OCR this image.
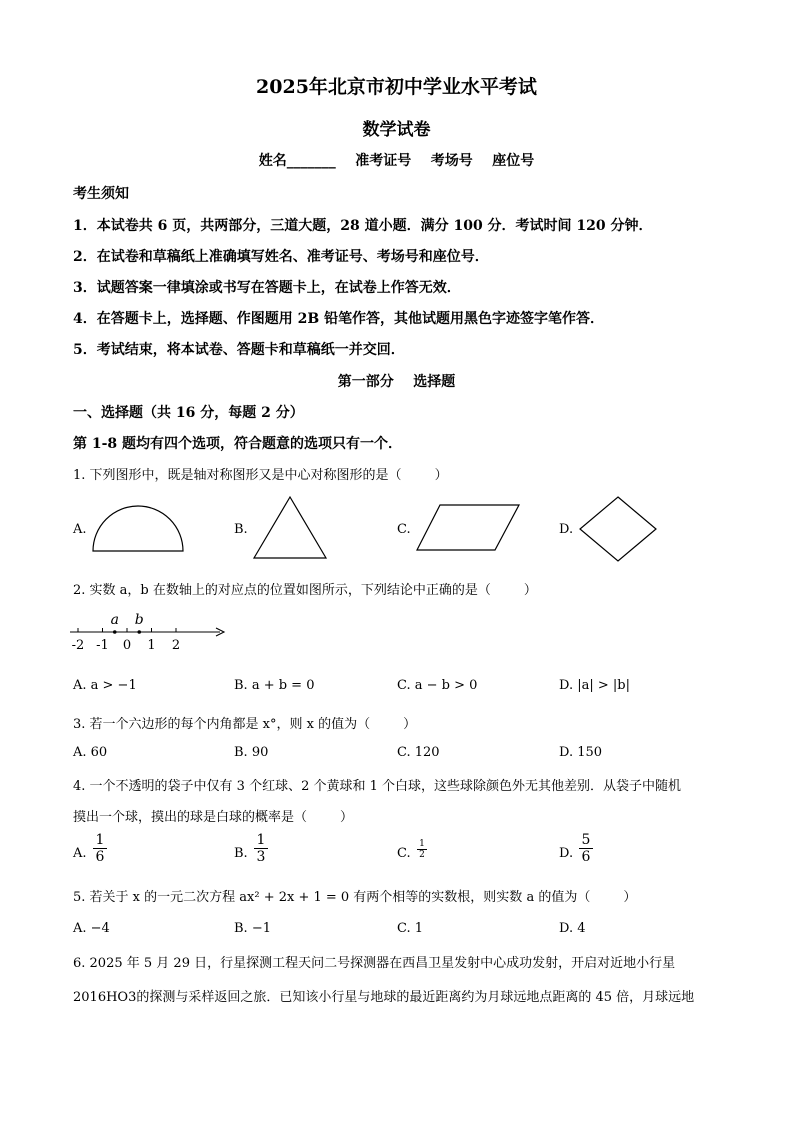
2025年北京市初中学业水平考试
数学试卷
姓名_______    准考证号    考场号    座位号
考生须知
1．本试卷共 6 页，共两部分，三道大题，28 道小题．满分 100 分．考试时间 120 分钟．
2．在试卷和草稿纸上准确填写姓名、准考证号、考场号和座位号．
3．试题答案一律填涂或书写在答题卡上，在试卷上作答无效．
4．在答题卡上，选择题、作图题用 2B 铅笔作答，其他试题用黑色字迹签字笔作答．
5．考试结束，将本试卷、答题卡和草稿纸一并交回．
第一部分    选择题
一、选择题（共 16 分，每题 2 分）
第 1-8 题均有四个选项，符合题意的选项只有一个．
1. 下列图形中，既是轴对称图形又是中心对称图形的是（        ）
A.	B.	C.	D.
2. 实数 a，b 在数轴上的对应点的位置如图所示，下列结论中正确的是（        ）
-2 -1 0 1 2
a b
A. a > −1	B. a + b = 0	C. a − b > 0	D. |a| > |b|
3. 若一个六边形的每个内角都是 x°，则 x 的值为（        ）
A. 60	B. 90	C. 120	D. 150
4. 一个不透明的袋子中仅有 3 个红球、2 个黄球和 1 个白球，这些球除颜色外无其他差别．从袋子中随机
摸出一个球，摸出的球是白球的概率是（        ）
A. $\frac{1}{6}$	B. $\frac{1}{3}$	C. $\frac{1}{2}$	D. $\frac{5}{6}$
5. 若关于 x 的一元二次方程 ax² + 2x + 1 = 0 有两个相等的实数根，则实数 a 的值为（        ）
A. −4	B. −1	C. 1	D. 4
6. 2025 年 5 月 29 日，行星探测工程天问二号探测器在西昌卫星发射中心成功发射，开启对近地小行星
2016HO3的探测与采样返回之旅．已知该小行星与地球的最近距离约为月球远地点距离的 45 倍，月球远地
